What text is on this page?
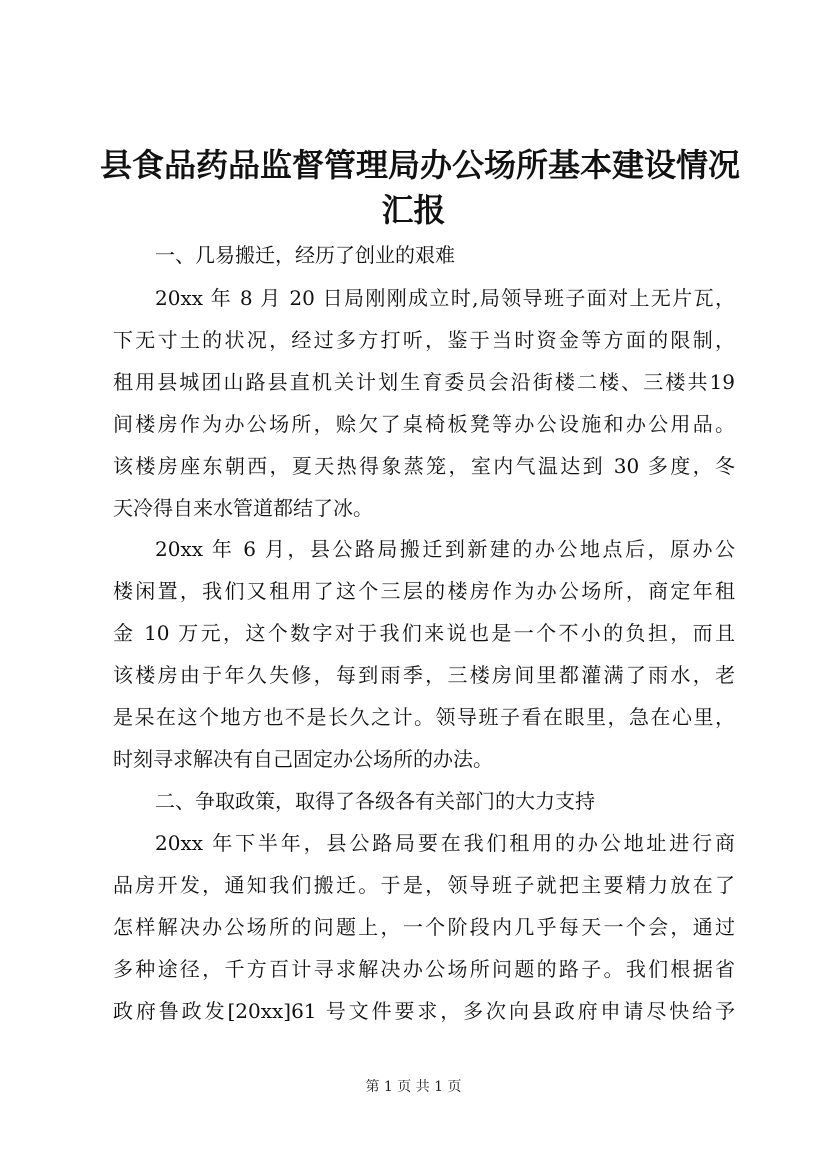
县食品药品监督管理局办公场所基本建设情况
汇报
一、几易搬迁，经历了创业的艰难
20xx 年 8 月 20 日局刚刚成立时,局领导班子面对上无片瓦，
下无寸土的状况，经过多方打听，鉴于当时资金等方面的限制，
租用县城团山路县直机关计划生育委员会沿街楼二楼、三楼共19
间楼房作为办公场所，赊欠了桌椅板凳等办公设施和办公用品。
该楼房座东朝西，夏天热得象蒸笼，室内气温达到 30 多度，冬
天冷得自来水管道都结了冰。
20xx 年 6 月，县公路局搬迁到新建的办公地点后，原办公
楼闲置，我们又租用了这个三层的楼房作为办公场所，商定年租
金 10 万元，这个数字对于我们来说也是一个不小的负担，而且
该楼房由于年久失修，每到雨季，三楼房间里都灌满了雨水，老
是呆在这个地方也不是长久之计。领导班子看在眼里，急在心里，
时刻寻求解决有自己固定办公场所的办法。
二、争取政策，取得了各级各有关部门的大力支持
20xx 年下半年，县公路局要在我们租用的办公地址进行商
品房开发，通知我们搬迁。于是，领导班子就把主要精力放在了
怎样解决办公场所的问题上，一个阶段内几乎每天一个会，通过
多种途径，千方百计寻求解决办公场所问题的路子。我们根据省
政府鲁政发[20xx]61 号文件要求，多次向县政府申请尽快给予
第 1 页 共 1 页
